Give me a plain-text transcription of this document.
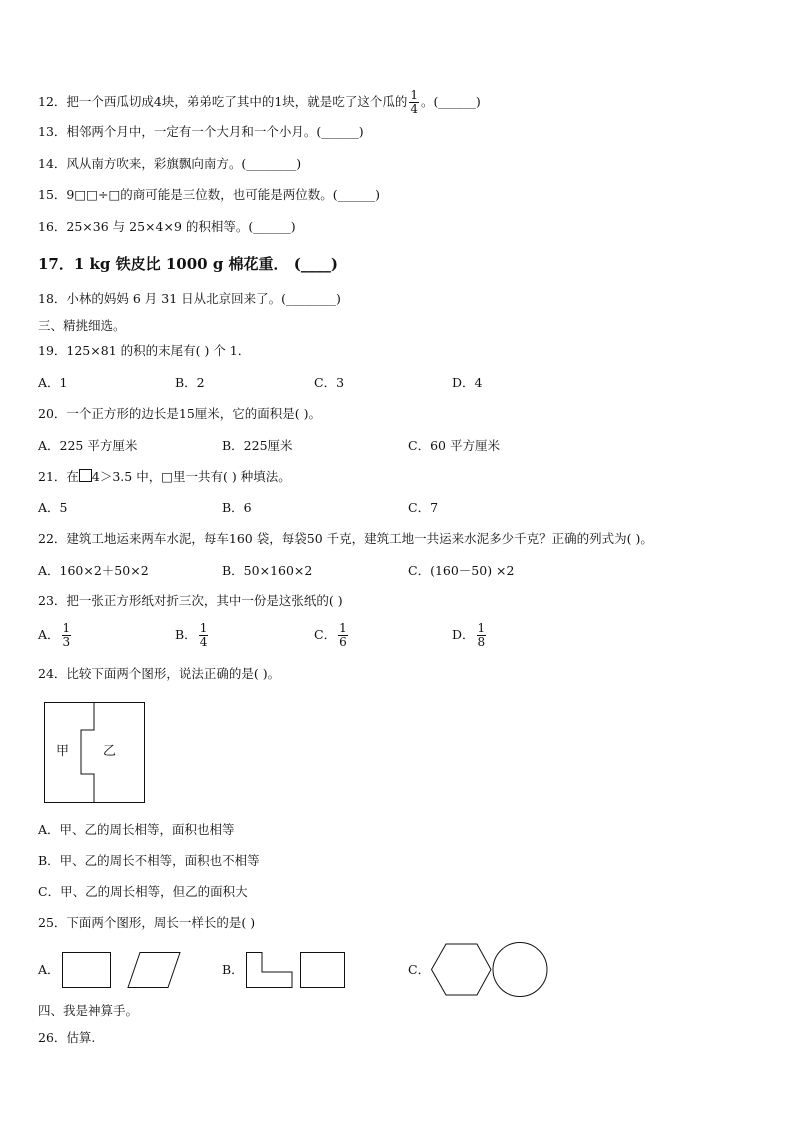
12．把一个西瓜切成4块，弟弟吃了其中的1块，就是吃了这个瓜的 $\frac{1}{4}$ 。(______)
13．相邻两个月中，一定有一个大月和一个小月。(______)
14．风从南方吹来，彩旗飘向南方。(________)
15．9□□÷□的商可能是三位数，也可能是两位数。(______)
16．25×36 与 25×4×9 的积相等。(______)
17．1 kg 铁皮比 1000 g 棉花重． (____)
18．小林的妈妈 6 月 31 日从北京回来了。(________)
三、精挑细选。
19．125×81 的积的末尾有( ) 个 1．
A．1	B．2	C．3	D．4
20．一个正方形的边长是15厘米，它的面积是( )。
A．225 平方厘米	B．225厘米	C．60 平方厘米
21．在 4＞3.5 中，□里一共有( ) 种填法。
A．5	B．6	C．7
22．建筑工地运来两车水泥，每车160 袋，每袋50 千克，建筑工地一共运来水泥多少千克？正确的列式为( )。
A．160×2＋50×2	B．50×160×2	C．(160－50) ×2
23．把一张正方形纸对折三次，其中一份是这张纸的( )
A． $\frac{1}{3}$	B． $\frac{1}{4}$	C． $\frac{1}{6}$	D． $\frac{1}{8}$
24．比较下面两个图形，说法正确的是( )。
甲	乙
A．甲、乙的周长相等，面积也相等
B．甲、乙的周长不相等，面积也不相等
C．甲、乙的周长相等，但乙的面积大
25．下面两个图形，周长一样长的是( )
A．	B．	C．
四、我是神算手。
26．估算.
